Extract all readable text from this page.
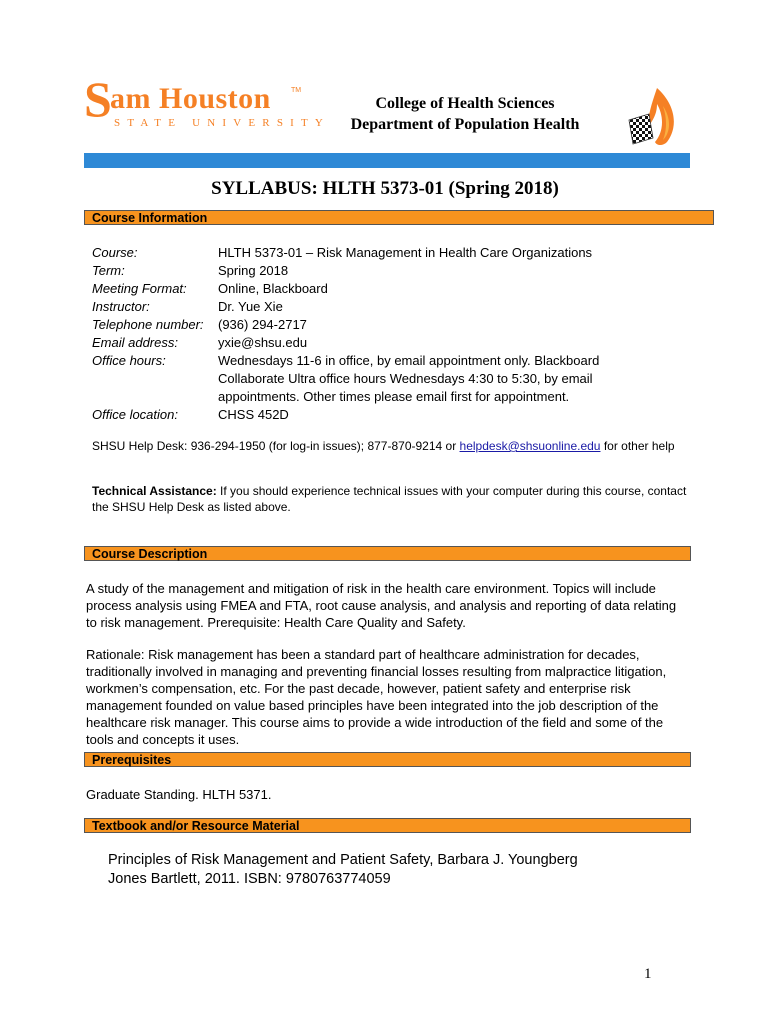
S
am Houston	TM
STATE UNIVERSITY
College of Health Sciences
Department of Population Health
SYLLABUS: HLTH 5373-01 (Spring 2018)
Course Information
Course:	HLTH 5373-01 – Risk Management in Health Care Organizations
Term:	Spring 2018
Meeting Format:	Online, Blackboard
Instructor:	Dr. Yue Xie
Telephone number:	(936) 294-2717
Email address:	yxie@shsu.edu
Office hours:	Wednesdays 11-6 in office, by email appointment only. Blackboard Collaborate Ultra office hours Wednesdays 4:30 to 5:30, by email appointments. Other times please email first for appointment.
Office location:	CHSS 452D
SHSU Help Desk: 936-294-1950 (for log-in issues); 877-870-9214 or helpdesk@shsuonline.edu for other help
Technical Assistance: If you should experience technical issues with your computer during this course, contact the SHSU Help Desk as listed above.
Course Description
A study of the management and mitigation of risk in the health care environment. Topics will include process analysis using FMEA and FTA, root cause analysis, and analysis and reporting of data relating to risk management. Prerequisite: Health Care Quality and Safety.
Rationale: Risk management has been a standard part of healthcare administration for decades, traditionally involved in managing and preventing financial losses resulting from malpractice litigation, workmen’s compensation, etc. For the past decade, however, patient safety and enterprise risk management founded on value based principles have been integrated into the job description of the healthcare risk manager. This course aims to provide a wide introduction of the field and some of the tools and concepts it uses.
Prerequisites
Graduate Standing. HLTH 5371.
Textbook and/or Resource Material
Principles of Risk Management and Patient Safety, Barbara J. Youngberg
Jones Bartlett, 2011. ISBN: 9780763774059
1
